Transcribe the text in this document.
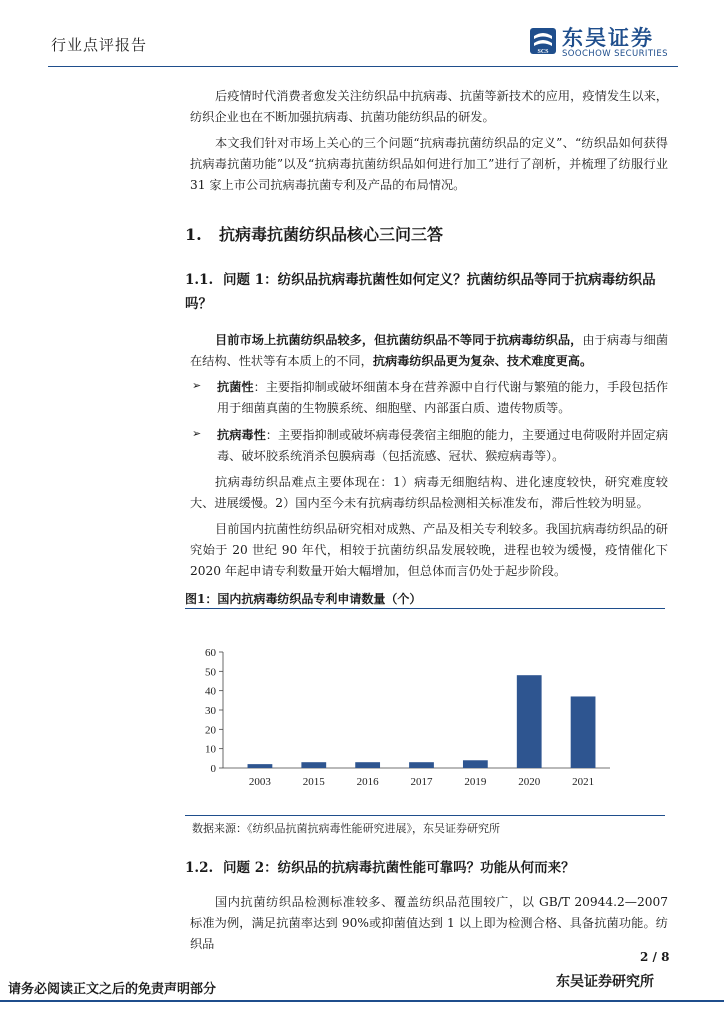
行业点评报告	SCS
东吴证券
SOOCHOW SECURITIES

后疫情时代消费者愈发关注纺织品中抗病毒、抗菌等新技术的应用，疫情发生以来，纺织企业也在不断加强抗病毒、抗菌功能纺织品的研发。

本文我们针对市场上关心的三个问题“抗病毒抗菌纺织品的定义”、“纺织品如何获得抗病毒抗菌功能”以及“抗病毒抗菌纺织品如何进行加工”进行了剖析，并梳理了纺服行业 31 家上市公司抗病毒抗菌专利及产品的布局情况。

1. 抗病毒抗菌纺织品核心三问三答
1.1. 问题 1：纺织品抗病毒抗菌性如何定义？抗菌纺织品等同于抗病毒纺织品吗？

目前市场上抗菌纺织品较多，但抗菌纺织品不等同于抗病毒纺织品，由于病毒与细菌在结构、性状等有本质上的不同，抗病毒纺织品更为复杂、技术难度更高。

➢	抗菌性：主要指抑制或破坏细菌本身在营养源中自行代谢与繁殖的能力，手段包括作用于细菌真菌的生物膜系统、细胞壁、内部蛋白质、遗传物质等。

➢	抗病毒性：主要指抑制或破坏病毒侵袭宿主细胞的能力，主要通过电荷吸附并固定病毒、破坏胶系统消杀包膜病毒（包括流感、冠状、猴痘病毒等）。

抗病毒纺织品难点主要体现在：1）病毒无细胞结构、进化速度较快，研究难度较大、进展缓慢。2）国内至今未有抗病毒纺织品检测相关标准发布，滞后性较为明显。

目前国内抗菌性纺织品研究相对成熟、产品及相关专利较多。我国抗病毒纺织品的研究始于 20 世纪 90 年代，相较于抗菌纺织品发展较晚，进程也较为缓慢，疫情催化下 2020 年起申请专利数量开始大幅增加，但总体而言仍处于起步阶段。

图1：国内抗病毒纺织品专利申请数量（个）
0
10
20
30
40
50
60
2003	2015	2016	2017	2019	2020	2021
数据来源：《纺织品抗菌抗病毒性能研究进展》，东吴证券研究所
1.2. 问题 2：纺织品的抗病毒抗菌性能可靠吗？功能从何而来？

国内抗菌纺织品检测标准较多、覆盖纺织品范围较广，以 GB/T 20944.2—2007 标准为例，满足抗菌率达到 90%或抑菌值达到 1 以上即为检测合格、具备抗菌功能。纺织品

2 / 8
请务必阅读正文之后的免责声明部分	东吴证券研究所
